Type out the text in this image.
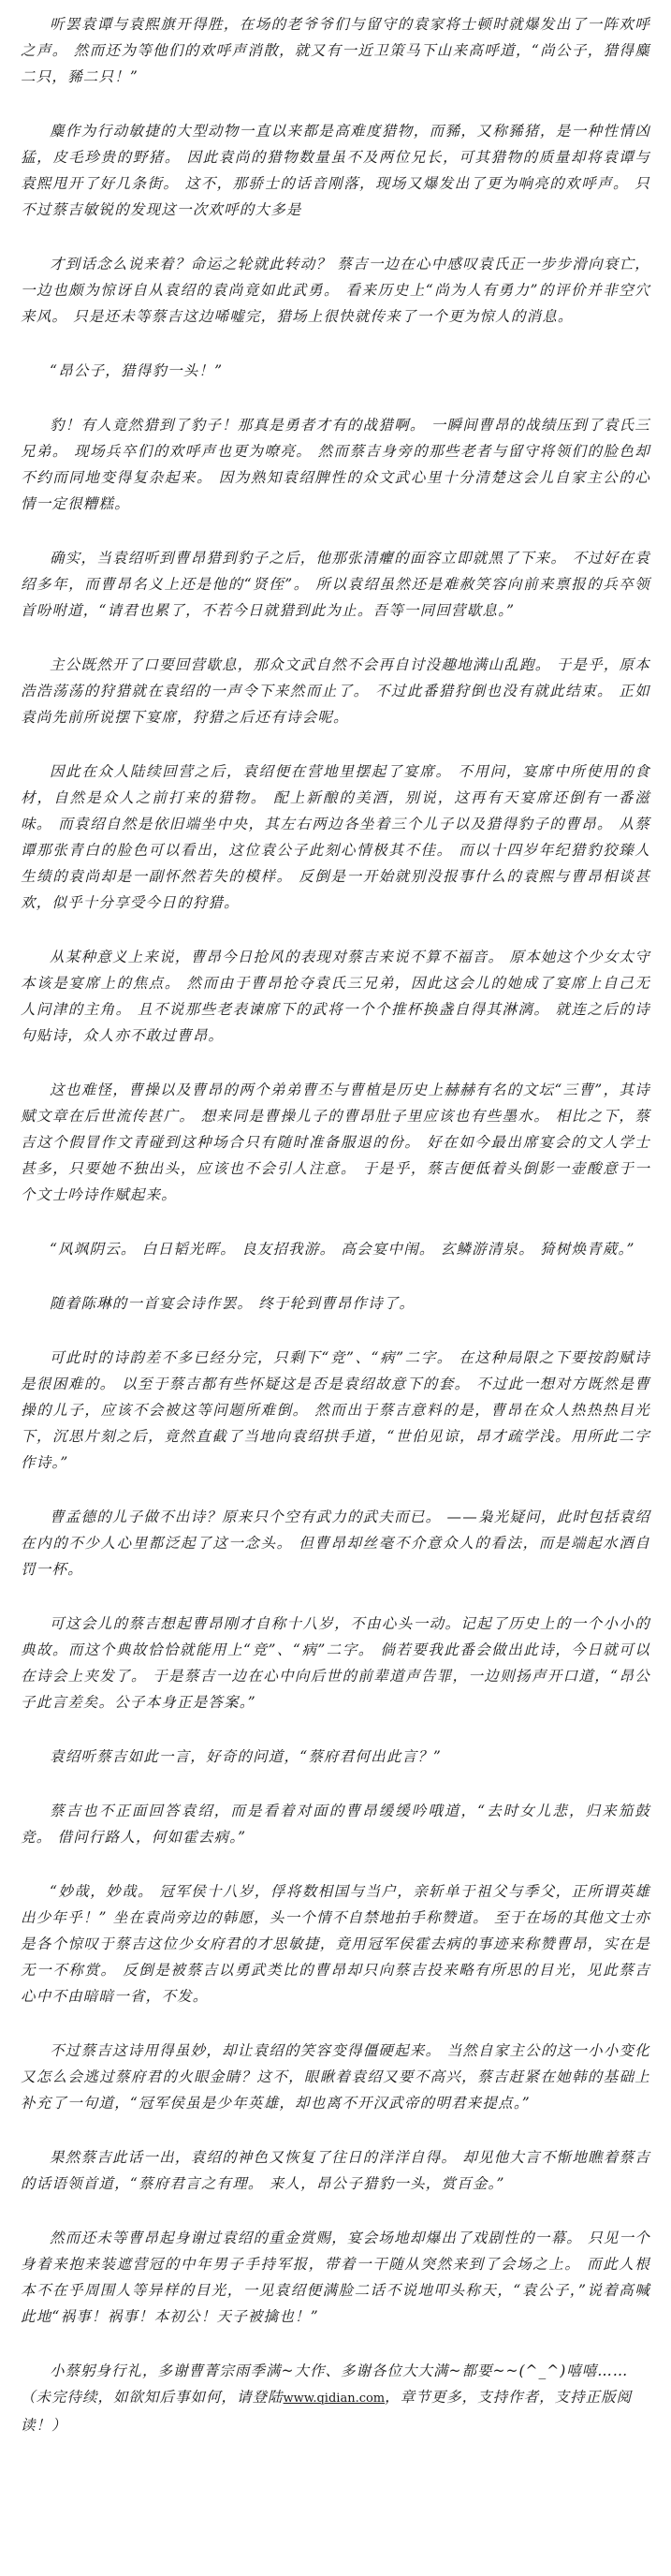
听罢袁谭与袁熙旗开得胜，在场的老爷爷们与留守的袁家将士顿时就爆发出了一阵欢呼之声。 然而还为等他们的欢呼声消散，就又有一近卫策马下山来高呼道，“尚公子，猎得麋二只，豨二只！”

麋作为行动敏捷的大型动物一直以来都是高难度猎物，而豨，又称豨猪，是一种性情凶猛，皮毛珍贵的野猪。 因此袁尚的猎物数量虽不及两位兄长，可其猎物的质量却将袁谭与袁熙甩开了好几条街。 这不，那骄士的话音刚落，现场又爆发出了更为响亮的欢呼声。 只不过蔡吉敏锐的发现这一次欢呼的大多是

才到话念么说来着？命运之轮就此转动？ 蔡吉一边在心中感叹袁氏正一步步滑向衰亡，一边也颇为惊讶自从袁绍的袁尚竟如此武勇。 看来历史上“尚为人有勇力”的评价并非空穴来风。 只是还未等蔡吉这边唏嘘完，猎场上很快就传来了一个更为惊人的消息。

“昂公子，猎得豹一头！”

豹！有人竟然猎到了豹子！那真是勇者才有的战猎啊。 一瞬间曹昂的战绩压到了袁氏三兄弟。 现场兵卒们的欢呼声也更为嘹亮。 然而蔡吉身旁的那些老者与留守将领们的脸色却不约而同地变得复杂起来。 因为熟知袁绍脾性的众文武心里十分清楚这会儿自家主公的心情一定很糟糕。

确实，当袁绍听到曹昂猎到豹子之后，他那张清癯的面容立即就黑了下来。 不过好在袁绍多年，而曹昂名义上还是他的“贤侄”。 所以袁绍虽然还是难赦笑容向前来禀报的兵卒领首吩咐道，“请君也累了，不若今日就猎到此为止。吾等一同回营歇息。”

主公既然开了口要回营歇息，那众文武自然不会再自讨没趣地满山乱跑。 于是乎，原本浩浩荡荡的狩猎就在袁绍的一声令下来然而止了。 不过此番猎狩倒也没有就此结束。 正如袁尚先前所说摆下宴席，狩猎之后还有诗会呢。

因此在众人陆续回营之后，袁绍便在营地里摆起了宴席。 不用问，宴席中所使用的食材，自然是众人之前打来的猎物。 配上新酿的美酒，别说，这再有天宴席还倒有一番滋味。 而袁绍自然是依旧端坐中央，其左右两边各坐着三个儿子以及猎得豹子的曹昂。 从蔡谭那张青白的脸色可以看出，这位袁公子此刻心情极其不佳。 而以十四岁年纪猎豹狡臻人生绩的袁尚却是一副怀然若失的模样。 反倒是一开始就别没报事什么的袁熙与曹昂相谈甚欢，似乎十分享受今日的狩猎。

从某种意义上来说，曹昂今日抢风的表现对蔡吉来说不算不福音。 原本她这个少女太守本该是宴席上的焦点。 然而由于曹昂抢夺袁氏三兄弟，因此这会儿的她成了宴席上自己无人问津的主角。 且不说那些老表谏席下的武将一个个推杯换盏自得其淋漓。 就连之后的诗句贴诗，众人亦不敢过曹昂。

这也难怪，曹操以及曹昂的两个弟弟曹丕与曹植是历史上赫赫有名的文坛“三曹”，其诗赋文章在后世流传甚广。 想来同是曹操儿子的曹昂肚子里应该也有些墨水。 相比之下，蔡吉这个假冒作文青碰到这种场合只有随时准备服退的份。 好在如今最出席宴会的文人学士甚多，只要她不独出头，应该也不会引人注意。 于是乎，蔡吉便低着头倒影一壶酸意于一个文士吟诗作赋起来。

“风飒阴云。 白日韬光晖。 良友招我游。 高会宴中闱。 玄鳞游清泉。 猗树焕青葳。”

随着陈琳的一首宴会诗作罢。 终于轮到曹昂作诗了。

可此时的诗韵差不多已经分完，只剩下“竞”、“病”二字。 在这种局限之下要按韵赋诗是很困难的。 以至于蔡吉都有些怀疑这是否是袁绍故意下的套。 不过此一想对方既然是曹操的儿子，应该不会被这等问题所难倒。 然而出于蔡吉意料的是，曹昂在众人热热热目光下，沉思片刻之后，竟然直截了当地向袁绍拱手道，“世伯见谅，昂才疏学浅。用所此二字作诗。”

曹孟德的儿子做不出诗？原来只个空有武力的武夫而已。 ——枭光疑问，此时包括袁绍在内的不少人心里都泛起了这一念头。 但曹昂却丝毫不介意众人的看法，而是端起水酒自罚一杯。

可这会儿的蔡吉想起曹昂刚才自称十八岁，不由心头一动。记起了历史上的一个小小的典故。而这个典故恰恰就能用上“竞”、“病”二字。 倘若要我此番会做出此诗，今日就可以在诗会上夹发了。 于是蔡吉一边在心中向后世的前辈道声告罪，一边则扬声开口道，“昂公子此言差矣。公子本身正是答案。”

袁绍听蔡吉如此一言，好奇的问道，“蔡府君何出此言？”

蔡吉也不正面回答袁绍，而是看着对面的曹昂缓缓吟哦道，“去时女儿悲，归来笳鼓竞。 借问行路人，何如霍去病。”

“妙哉，妙哉。 冠军侯十八岁，俘将数相国与当户，亲斩单于祖父与季父，正所谓英雄出少年乎！” 坐在袁尚旁边的韩愿，头一个情不自禁地拍手称赞道。 至于在场的其他文士亦是各个惊叹于蔡吉这位少女府君的才思敏捷，竟用冠军侯霍去病的事迹来称赞曹昂，实在是无一不称赏。 反倒是被蔡吉以勇武类比的曹昂却只向蔡吉投来略有所思的目光，见此蔡吉心中不由暗暗一省，不发。

不过蔡吉这诗用得虽妙，却让袁绍的笑容变得僵硬起来。 当然自家主公的这一小小变化又怎么会逃过蔡府君的火眼金睛？这不，眼瞅着袁绍又要不高兴，蔡吉赶紧在她韩的基础上补充了一句道，“冠军侯虽是少年英雄，却也离不开汉武帝的明君来提点。”

果然蔡吉此话一出，袁绍的神色又恢复了往日的洋洋自得。 却见他大言不惭地瞧着蔡吉的话语领首道，“蔡府君言之有理。 来人，昂公子猎豹一头，赏百金。”

然而还未等曹昂起身谢过袁绍的重金赏赐，宴会场地却爆出了戏剧性的一幕。 只见一个身着来抱来装遮营冠的中年男子手持军报，带着一干随从突然来到了会场之上。 而此人根本不在乎周围人等异样的目光，一见袁绍便满脸二话不说地叩头称天，“袁公子，”说着高喊此地“祸事！祸事！本初公！天子被擒也！”

小蔡躬身行礼，多谢曹菁宗雨季满~大作、多谢各位大大满~都要~~(^_^)嘻嘻……（未完待续，如欲知后事如何，请登陆www.qidian.com，章节更多，支持作者，支持正版阅读！）
